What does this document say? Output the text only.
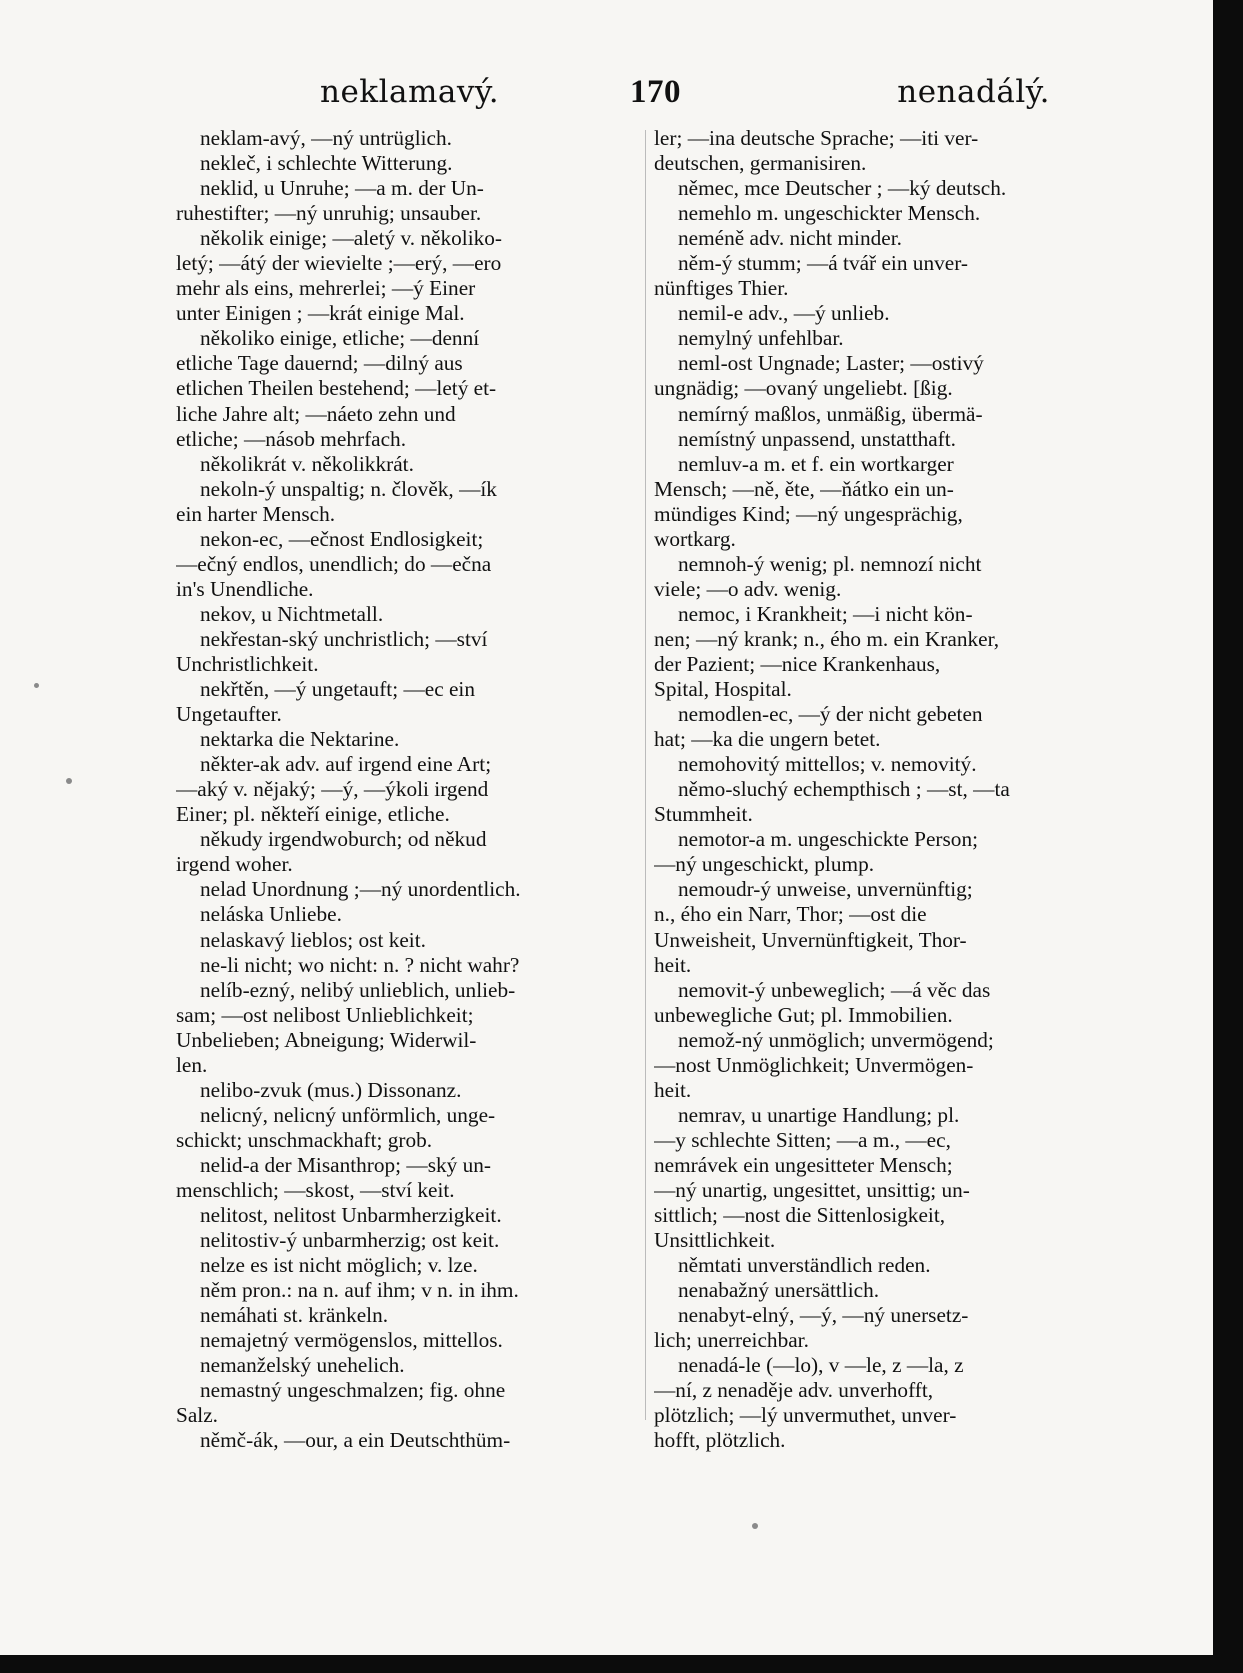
neklamavý.	170	nenadálý.
neklam-avý, —ný untrüglich.
nekleč, i schlechte Witterung.
neklid, u Unruhe; —a m. der Un-
ruhestifter; —ný unruhig; unsauber.
několik einige; —aletý v. několiko-
letý; —átý der wievielte ;—erý, —ero
mehr als eins, mehrerlei; —ý Einer
unter Einigen ; —krát einige Mal.
několiko einige, etliche; —denní
etliche Tage dauernd; —dilný aus
etlichen Theilen bestehend; —letý et-
liche Jahre alt; —náeto zehn und
etliche; —násob mehrfach.
několikrát v. několikkrát.
nekoln-ý unspaltig; n. člověk, —ík
ein harter Mensch.
nekon-ec, —ečnost Endlosigkeit;
—ečný endlos, unendlich; do —ečna
in's Unendliche.
nekov, u Nichtmetall.
nekřestan-ský unchristlich; —ství
Unchristlichkeit.
nekřtěn, —ý ungetauft; —ec ein
Ungetaufter.
nektarka die Nektarine.
někter-ak adv. auf irgend eine Art;
—aký v. nějaký; —ý, —ýkoli irgend
Einer; pl. někteří einige, etliche.
někudy irgendwoburch; od někud
irgend woher.
nelad Unordnung ;—ný unordentlich.
neláska Unliebe.
nelaskavý lieblos; ost keit.
ne-li nicht; wo nicht: n. ? nicht wahr?
nelíb-ezný, nelibý unlieblich, unlieb-
sam; —ost nelibost Unlieblichkeit;
Unbelieben; Abneigung; Widerwil-
len.
nelibo-zvuk (mus.) Dissonanz.
nelicný, nelicný unförmlich, unge-
schickt; unschmackhaft; grob.
nelid-a der Misanthrop; —ský un-
menschlich; —skost, —ství keit.
nelitost, nelitost Unbarmherzigkeit.
nelitostiv-ý unbarmherzig; ost keit.
nelze es ist nicht möglich; v. lze.
něm pron.: na n. auf ihm; v n. in ihm.
nemáhati st. kränkeln.
nemajetný vermögenslos, mittellos.
nemanželský unehelich.
nemastný ungeschmalzen; fig. ohne
Salz.
němč-ák, —our, a ein Deutschthüm-
ler; —ina deutsche Sprache; —iti ver-
deutschen, germanisiren.
němec, mce Deutscher ; —ký deutsch.
nemehlo m. ungeschickter Mensch.
neméně adv. nicht minder.
něm-ý stumm; —á tvář ein unver-
nünftiges Thier.
nemil-e adv., —ý unlieb.
nemylný unfehlbar.
neml-ost Ungnade; Laster; —ostivý
ungnädig; —ovaný ungeliebt. [ßig.
nemírný maßlos, unmäßig, übermä-
nemístný unpassend, unstatthaft.
nemluv-a m. et f. ein wortkarger
Mensch; —ně, ěte, —ňátko ein un-
mündiges Kind; —ný ungesprächig,
wortkarg.
nemnoh-ý wenig; pl. nemnozí nicht
viele; —o adv. wenig.
nemoc, i Krankheit; —i nicht kön-
nen; —ný krank; n., ého m. ein Kranker,
der Pazient; —nice Krankenhaus,
Spital, Hospital.
nemodlen-ec, —ý der nicht gebeten
hat; —ka die ungern betet.
nemohovitý mittellos; v. nemovitý.
němo-sluchý echempthisch ; —st, —ta
Stummheit.
nemotor-a m. ungeschickte Person;
—ný ungeschickt, plump.
nemoudr-ý unweise, unvernünftig;
n., ého ein Narr, Thor; —ost die
Unweisheit, Unvernünftigkeit, Thor-
heit.
nemovit-ý unbeweglich; —á věc das
unbewegliche Gut; pl. Immobilien.
nemož-ný unmöglich; unvermögend;
—nost Unmöglichkeit; Unvermögen-
heit.
nemrav, u unartige Handlung; pl.
—y schlechte Sitten; —a m., —ec,
nemrávek ein ungesitteter Mensch;
—ný unartig, ungesittet, unsittig; un-
sittlich; —nost die Sittenlosigkeit,
Unsittlichkeit.
němtati unverständlich reden.
nenabažný unersättlich.
nenabyt-elný, —ý, —ný unersetz-
lich; unerreichbar.
nenadá-le (—lo), v —le, z —la, z
—ní, z nenaděje adv. unverhofft,
plötzlich; —lý unvermuthet, unver-
hofft, plötzlich.
